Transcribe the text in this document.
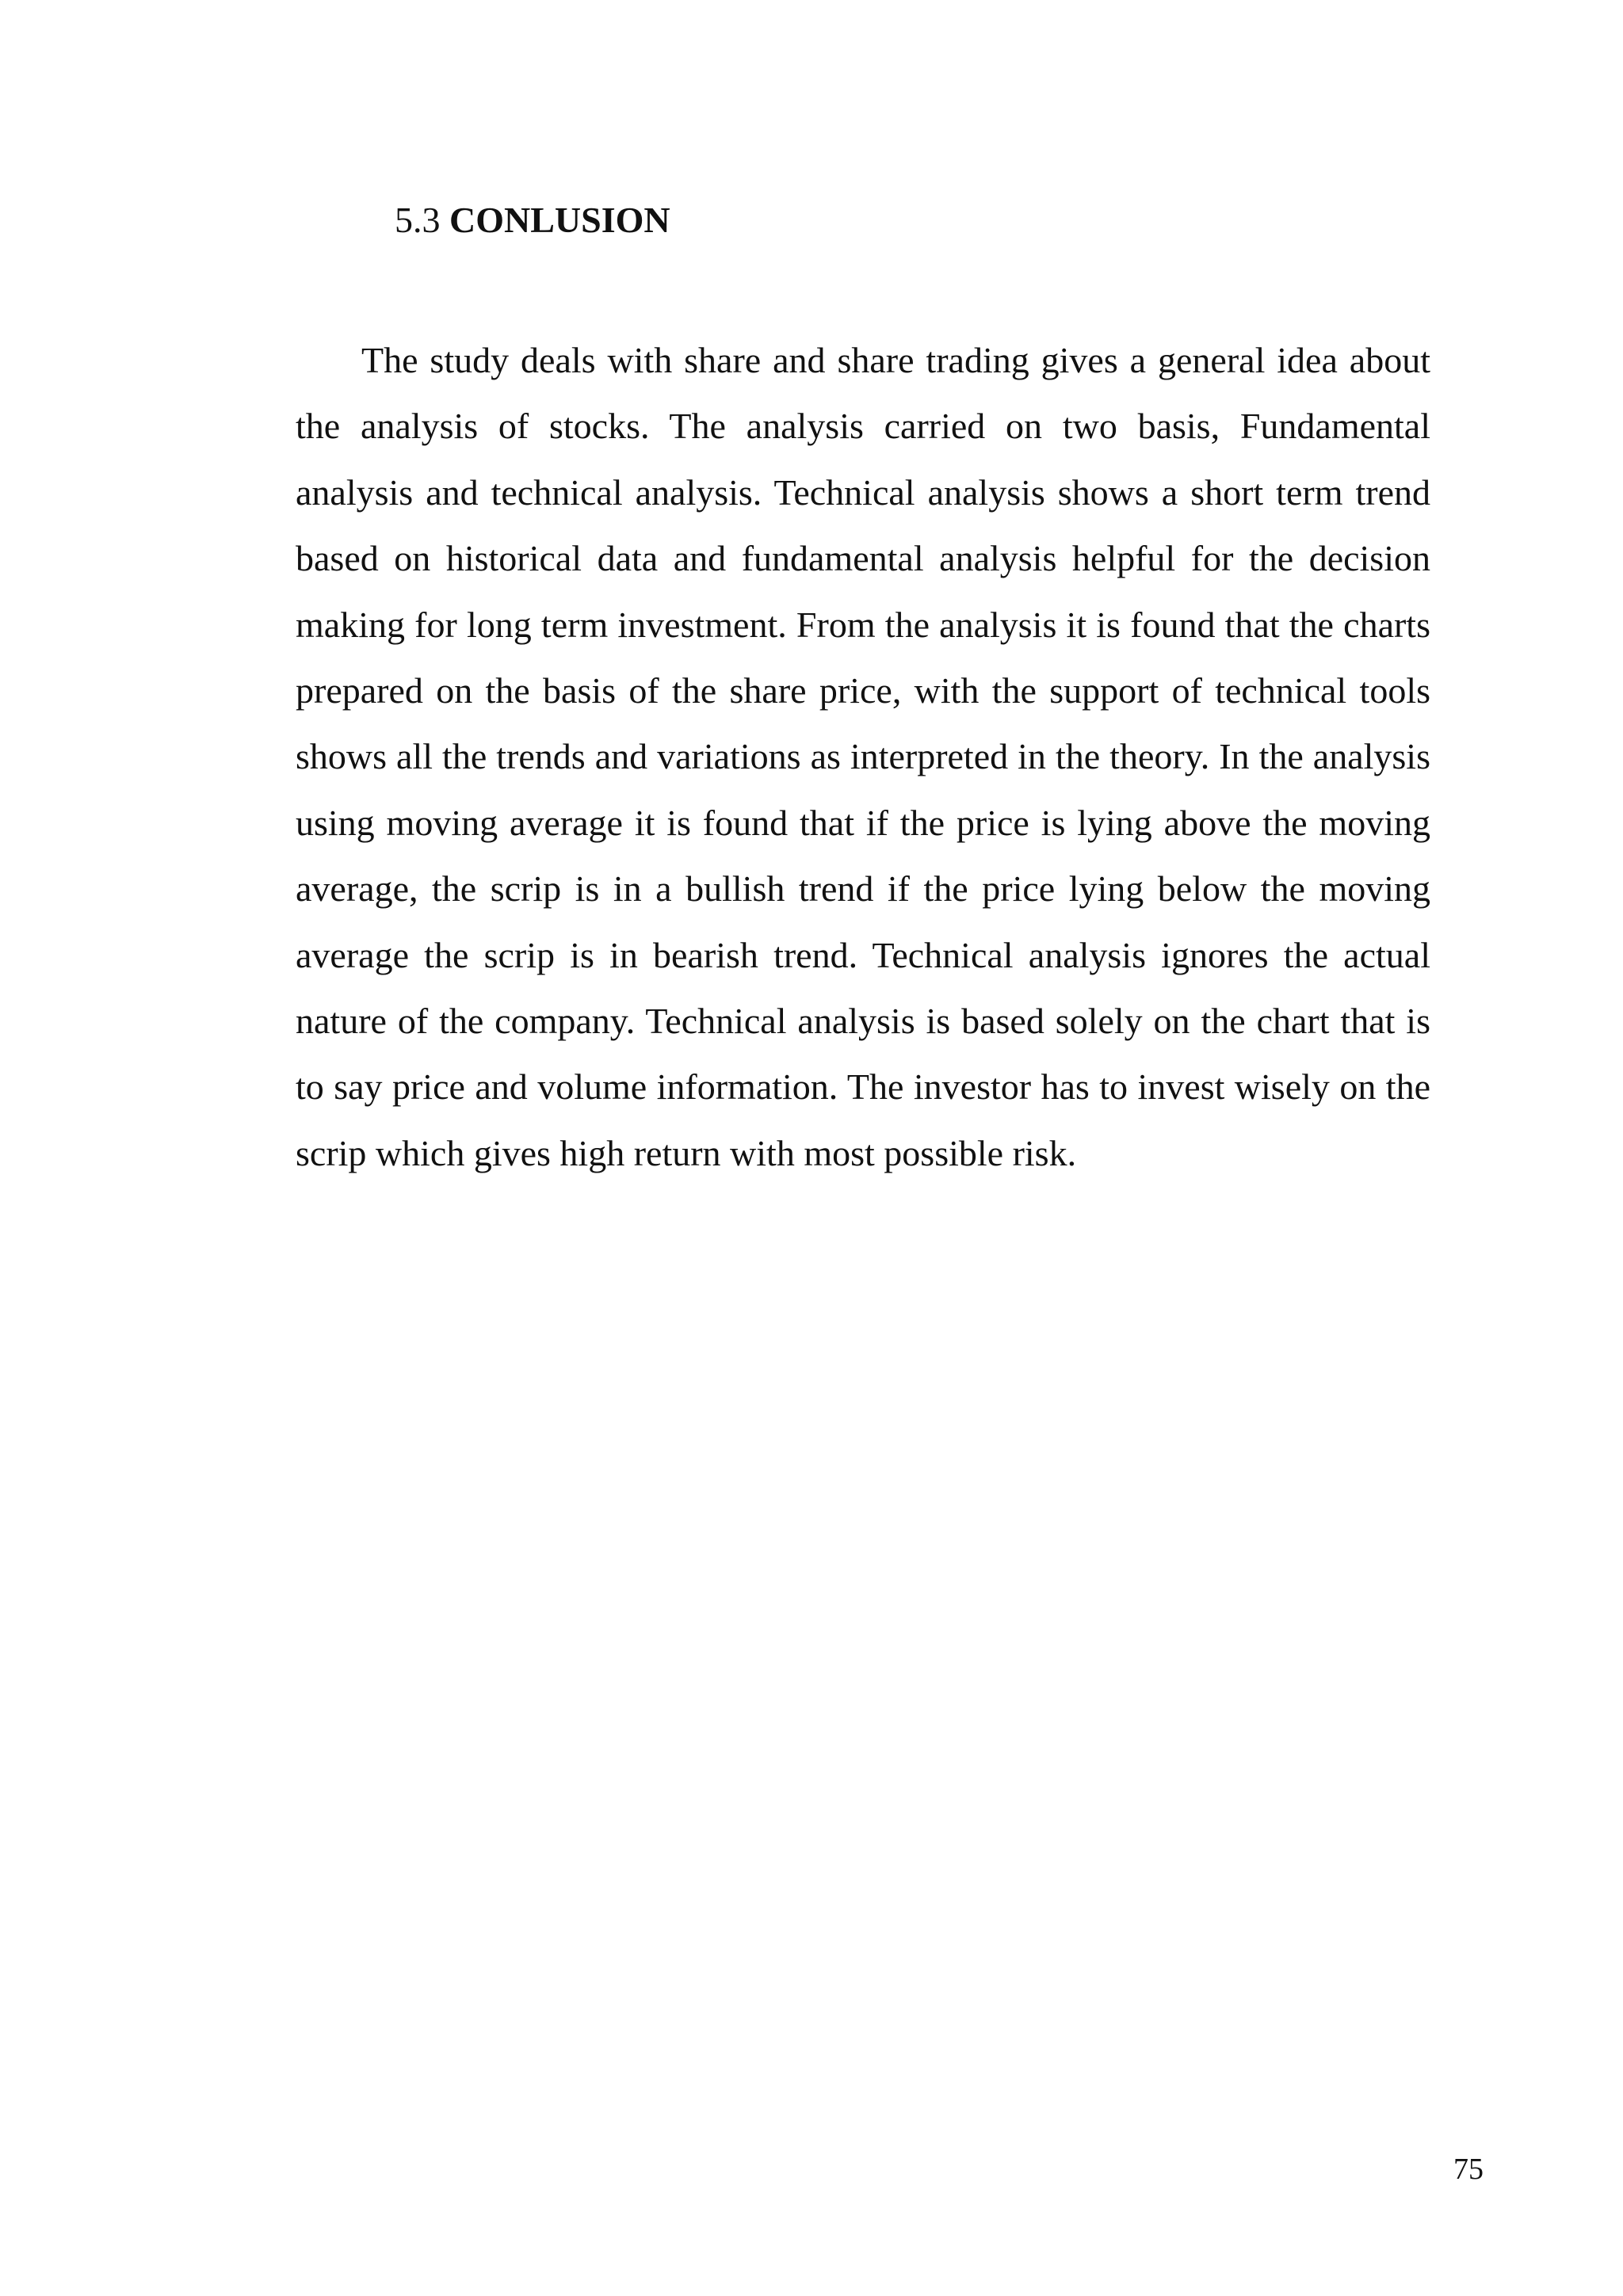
5.3 CONLUSION

The study deals with share and share trading gives a general idea about the analysis of stocks. The analysis carried on two basis, Fundamental analysis and technical analysis. Technical analysis shows a short term trend based on historical data and fundamental analysis helpful for the decision making for long term investment. From the analysis it is found that the charts prepared on the basis of the share price, with the support of technical tools shows all the trends and variations as interpreted in the theory. In the analysis using moving average it is found that if the price is lying above the moving average, the scrip is in a bullish trend if the price lying below the moving average the scrip is in bearish trend. Technical analysis ignores the actual nature of the company. Technical analysis is based solely on the chart that is to say price and volume information. The investor has to invest wisely on the scrip which gives high return with most possible risk.

75
